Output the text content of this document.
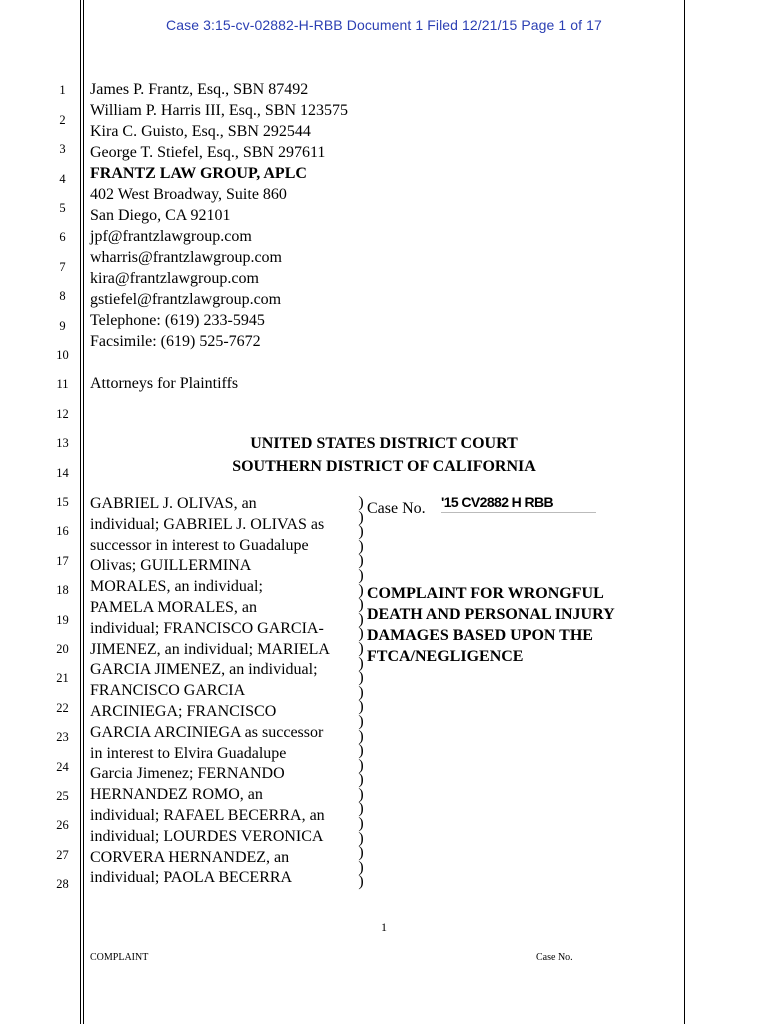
Case 3:15-cv-02882-H-RBB Document 1 Filed 12/21/15 Page 1 of 17
1
2
3
4
5
6
7
8
9
10
11
12
13
14
15
16
17
18
19
20
21
22
23
24
25
26
27
28
James P. Frantz, Esq., SBN 87492
William P. Harris III, Esq., SBN 123575
Kira C. Guisto, Esq., SBN 292544
George T. Stiefel, Esq., SBN 297611
FRANTZ LAW GROUP, APLC
402 West Broadway, Suite 860
San Diego, CA 92101
jpf@frantzlawgroup.com
wharris@frantzlawgroup.com
kira@frantzlawgroup.com
gstiefel@frantzlawgroup.com
Telephone: (619) 233-5945
Facsimile: (619) 525-7672
Attorneys for Plaintiffs
UNITED STATES DISTRICT COURT
SOUTHERN DISTRICT OF CALIFORNIA
GABRIEL J. OLIVAS, an
individual; GABRIEL J. OLIVAS as
successor in interest to Guadalupe
Olivas; GUILLERMINA
MORALES, an individual;
PAMELA MORALES, an
individual; FRANCISCO GARCIA-
JIMENEZ, an individual; MARIELA
GARCIA JIMENEZ, an individual;
FRANCISCO GARCIA
ARCINIEGA; FRANCISCO
GARCIA ARCINIEGA as successor
in interest to Elvira Guadalupe
Garcia Jimenez; FERNANDO
HERNANDEZ ROMO, an
individual; RAFAEL BECERRA, an
individual; LOURDES VERONICA
CORVERA HERNANDEZ, an
individual; PAOLA BECERRA
)
)
)
)
)
)
)
)
)
)
)
)
)
)
)
)
)
)
)
)
)
)
)
)
)
)
)
Case No. '15 CV2882 H RBB
COMPLAINT FOR WRONGFUL
DEATH AND PERSONAL INJURY
DAMAGES BASED UPON THE
FTCA/NEGLIGENCE
1
COMPLAINT	Case No.
